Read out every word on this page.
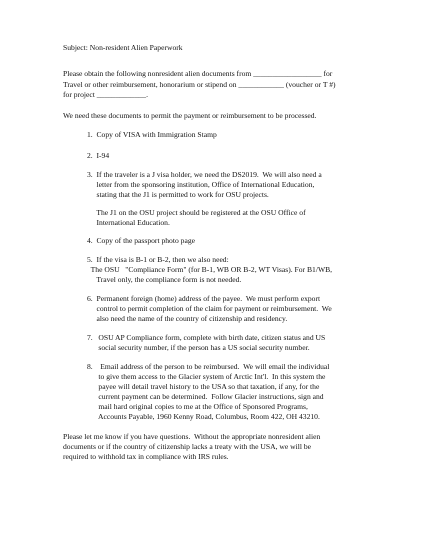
Subject: Non-resident Alien Paperwork

Please obtain the following nonresident alien documents from __________________ for

Travel or other reimbursement, honorarium or stipend on ____________ (voucher or T #)

for project _____________.

We need these documents to permit the payment or reimbursement to be processed.

1.  Copy of VISA with Immigration Stamp

2.  I-94

3.  If the traveler is a J visa holder, we need the DS2019.  We will also need a

letter from the sponsoring institution, Office of International Education,

stating that the J1 is permitted to work for OSU projects.

The J1 on the OSU project should be registered at the OSU Office of

International Education.

4.  Copy of the passport photo page

5.  If the visa is B-1 or B-2, then we also need:

The OSU   "Compliance Form" (for B-1, WB OR B-2, WT Visas). For B1/WB,

Travel only, the compliance form is not needed.

6.  Permanent foreign (home) address of the payee.  We must perform export

control to permit completion of the claim for payment or reimbursement.  We

also need the name of the country of citizenship and residency.

7.   OSU AP Compliance form, complete with birth date, citizen status and US

social security number, if the person has a US social security number.

8.    Email address of the person to be reimbursed.  We will email the individual

to give them access to the Glacier system of Arctic Int'l.  In this system the

payee will detail travel history to the USA so that taxation, if any, for the

current payment can be determined.  Follow Glacier instructions, sign and

mail hard original copies to me at the Office of Sponsored Programs,

Accounts Payable, 1960 Kenny Road, Columbus, Room 422, OH 43210.

Please let me know if you have questions.  Without the appropriate nonresident alien

documents or if the country of citizenship lacks a treaty with the USA, we will be

required to withhold tax in compliance with IRS rules.
